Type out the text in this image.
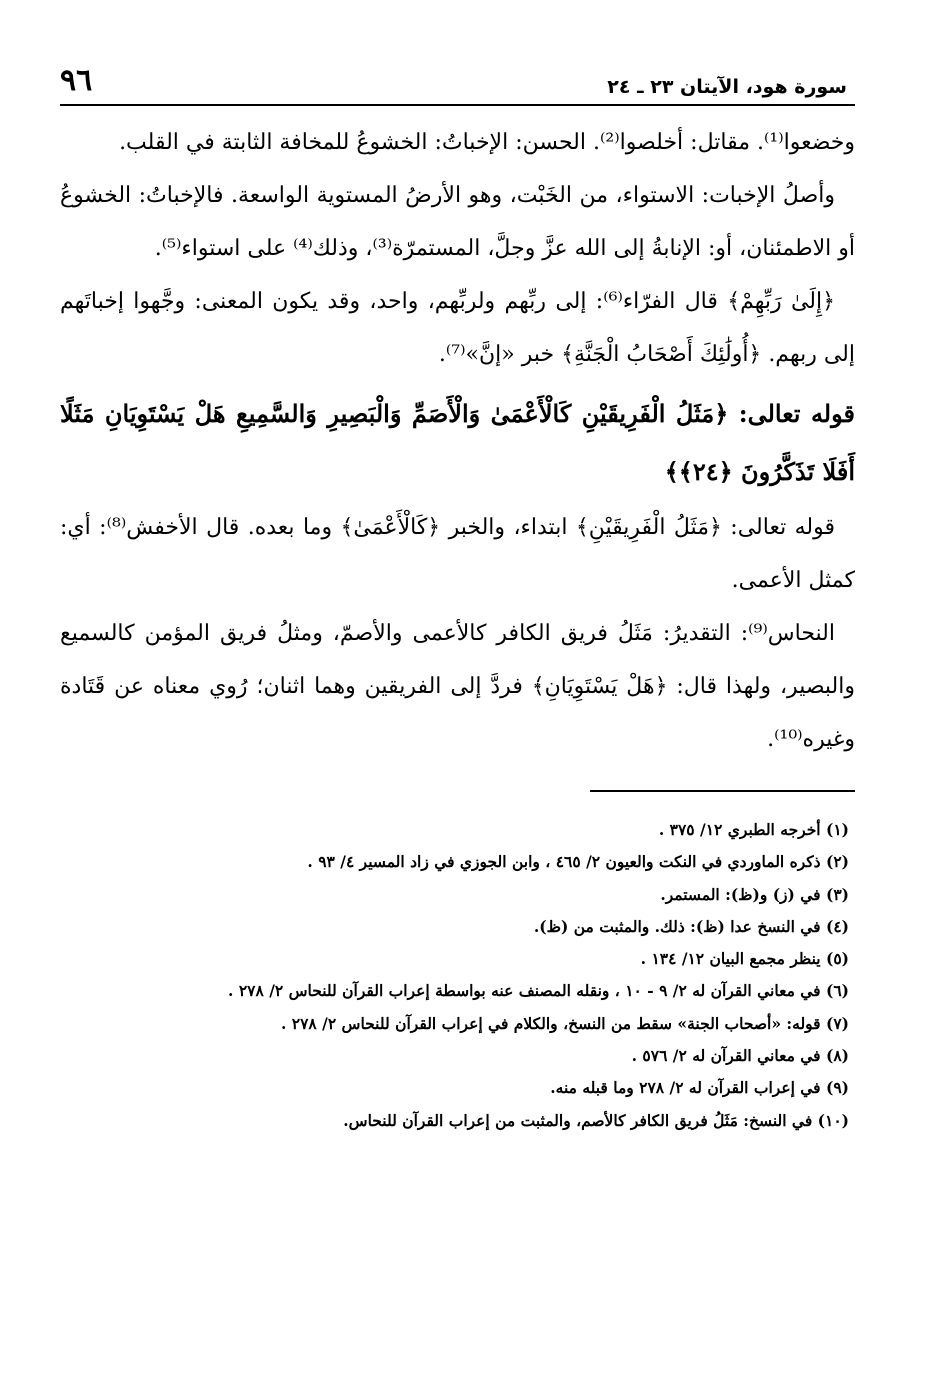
سورة هود، الآيتان ٢٣ ـ ٢٤
٩٦

وخضعوا⁽¹⁾. مقاتل: أخلصوا⁽²⁾. الحسن: الإخباتُ: الخشوعُ للمخافة الثابتة في القلب.

وأصلُ الإخبات: الاستواء، من الخَبْت، وهو الأرضُ المستوية الواسعة. فالإخباتُ: الخشوعُ أو الاطمئنان، أو: الإنابةُ إلى الله عزَّ وجلَّ، المستمرّة⁽³⁾، وذلك⁽⁴⁾ على استواء⁽⁵⁾.

﴿إِلَىٰ رَبِّهِمْ﴾ قال الفرّاء⁽⁶⁾: إلى ربِّهم ولربِّهم، واحد، وقد يكون المعنى: وجَّهوا إخباتَهم إلى ربهم. ﴿أُولَٰئِكَ أَصْحَابُ الْجَنَّةِ﴾ خبر «إنَّ»⁽⁷⁾.

قوله تعالى: ﴿مَثَلُ الْفَرِيقَيْنِ كَالْأَعْمَىٰ وَالْأَصَمِّ وَالْبَصِيرِ وَالسَّمِيعِ هَلْ يَسْتَوِيَانِ مَثَلًا أَفَلَا تَذَكَّرُونَ ﴿٢٤﴾﴾

قوله تعالى: ﴿مَثَلُ الْفَرِيقَيْنِ﴾ ابتداء، والخبر ﴿كَالْأَعْمَىٰ﴾ وما بعده. قال الأخفش⁽⁸⁾: أي: كمثل الأعمى.

النحاس⁽⁹⁾: التقديرُ: مَثَلُ فريق الكافر كالأعمى والأصمّ، ومثلُ فريق المؤمن كالسميع والبصير، ولهذا قال: ﴿هَلْ يَسْتَوِيَانِ﴾ فردَّ إلى الفريقين وهما اثنان؛ رُوي معناه عن قَتَادة وغيره⁽¹⁰⁾.

(١) أخرجه الطبري ١٢/ ٣٧٥ .

(٢) ذكره الماوردي في النكت والعيون ٢/ ٤٦٥ ، وابن الجوزي في زاد المسير ٤/ ٩٣ .

(٣) في (ز) و(ظ): المستمر.

(٤) في النسخ عدا (ظ): ذلك. والمثبت من (ظ).

(٥) ينظر مجمع البيان ١٢/ ١٣٤ .

(٦) في معاني القرآن له ٢/ ٩ - ١٠ ، ونقله المصنف عنه بواسطة إعراب القرآن للنحاس ٢/ ٢٧٨ .

(٧) قوله: «أصحاب الجنة» سقط من النسخ، والكلام في إعراب القرآن للنحاس ٢/ ٢٧٨ .

(٨) في معاني القرآن له ٢/ ٥٧٦ .

(٩) في إعراب القرآن له ٢/ ٢٧٨ وما قبله منه.

(١٠) في النسخ: مَثَلُ فريق الكافر كالأصم، والمثبت من إعراب القرآن للنحاس.
